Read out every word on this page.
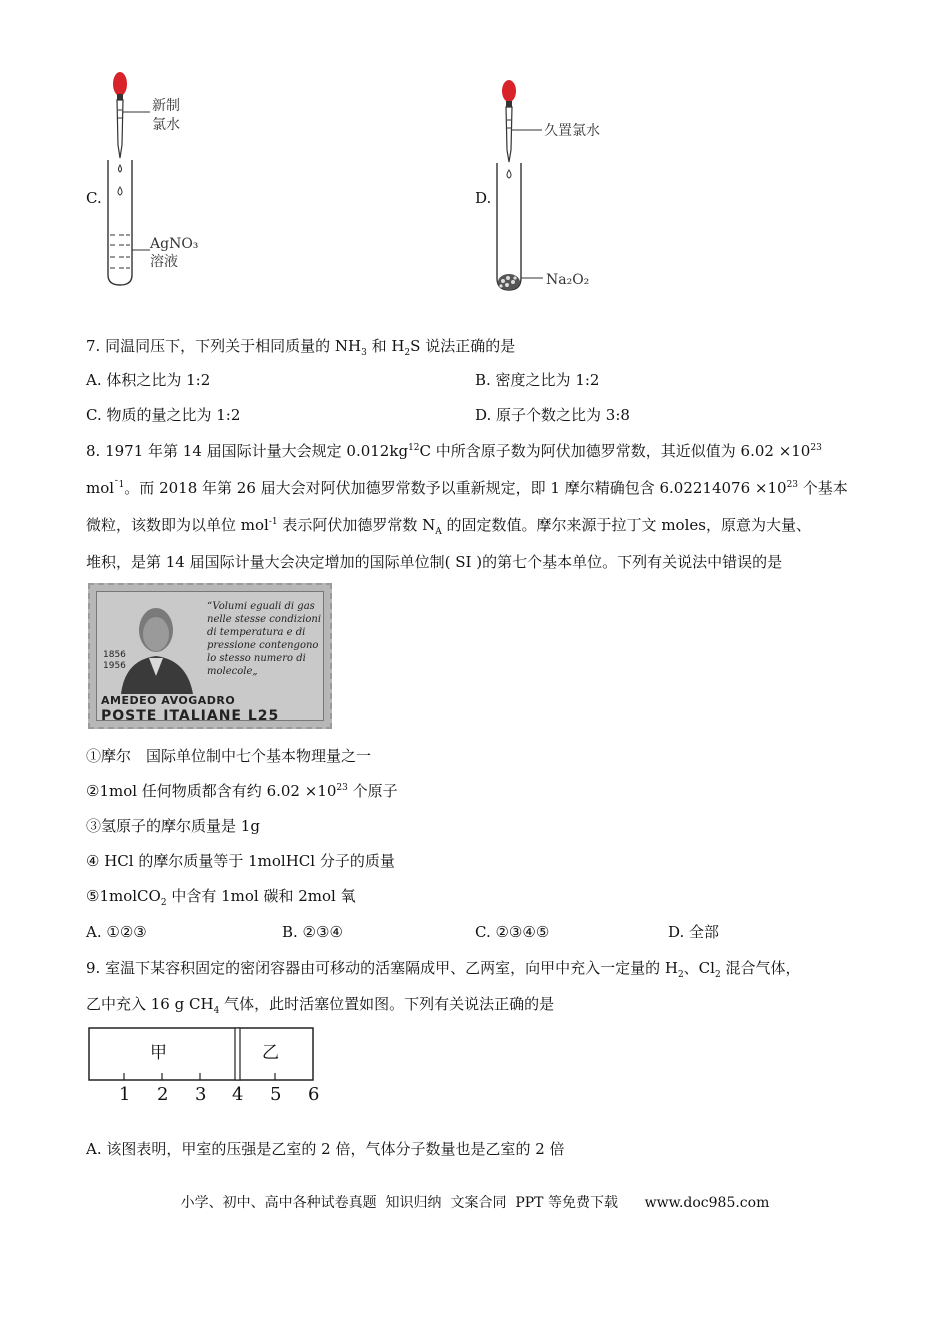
C.
新制
氯水
AgNO₃
溶液
D.
久置氯水
Na₂O₂
7. 同温同压下，下列关于相同质量的 $NH_3$ 和 $H_2S$ 说法正确的是
A. 体积之比为 1:2	B. 密度之比为 1:2
C. 物质的量之比为 1:2	D. 原子个数之比为 3:8
8. 1971 年第 14 届国际计量大会规定 $0.012kg^{12}C$ 中所含原子数为阿伏加德罗常数，其近似值为 $6.02 \times 10^{23}$
mol$^{ˉ1}$。而 2018 年第 26 届大会对阿伏加德罗常数予以重新规定，即 1 摩尔精确包含 $6.02214076 \times 10^{23}$ 个基本
微粒，该数即为以单位 mol$^{-1}$ 表示阿伏加德罗常数 $N_A$ 的固定数值。摩尔来源于拉丁文 moles，原意为大量、
堆积，是第 14 届国际计量大会决定增加的国际单位制( SI )的第七个基本单位。下列有关说法中错误的是
1856
1956
“Volumi eguali di gas nelle stesse condizioni di temperatura e di pressione contengono lo stesso numero di molecole„
AMEDEO AVOGADRO
POSTE ITALIANE L25
①摩尔　国际单位制中七个基本物理量之一
②1mol 任何物质都含有约 $6.02 \times 10^{23}$ 个原子
③氢原子的摩尔质量是 1g
④ HCl 的摩尔质量等于 1molHCl 分子的质量
⑤1molCO$_2$ 中含有 1mol 碳和 2mol 氧
A. ①②③	B. ②③④	C. ②③④⑤	D. 全部
9. 室温下某容积固定的密闭容器由可移动的活塞隔成甲、乙两室，向甲中充入一定量的 $H_2$、$Cl_2$ 混合气体，
乙中充入 16 g $CH_4$ 气体，此时活塞位置如图。下列有关说法正确的是
甲	乙
1 2 3 4 5 6
A. 该图表明，甲室的压强是乙室的 2 倍，气体分子数量也是乙室的 2 倍
小学、初中、高中各种试卷真题  知识归纳  文案合同  PPT 等免费下载      www.doc985.com
